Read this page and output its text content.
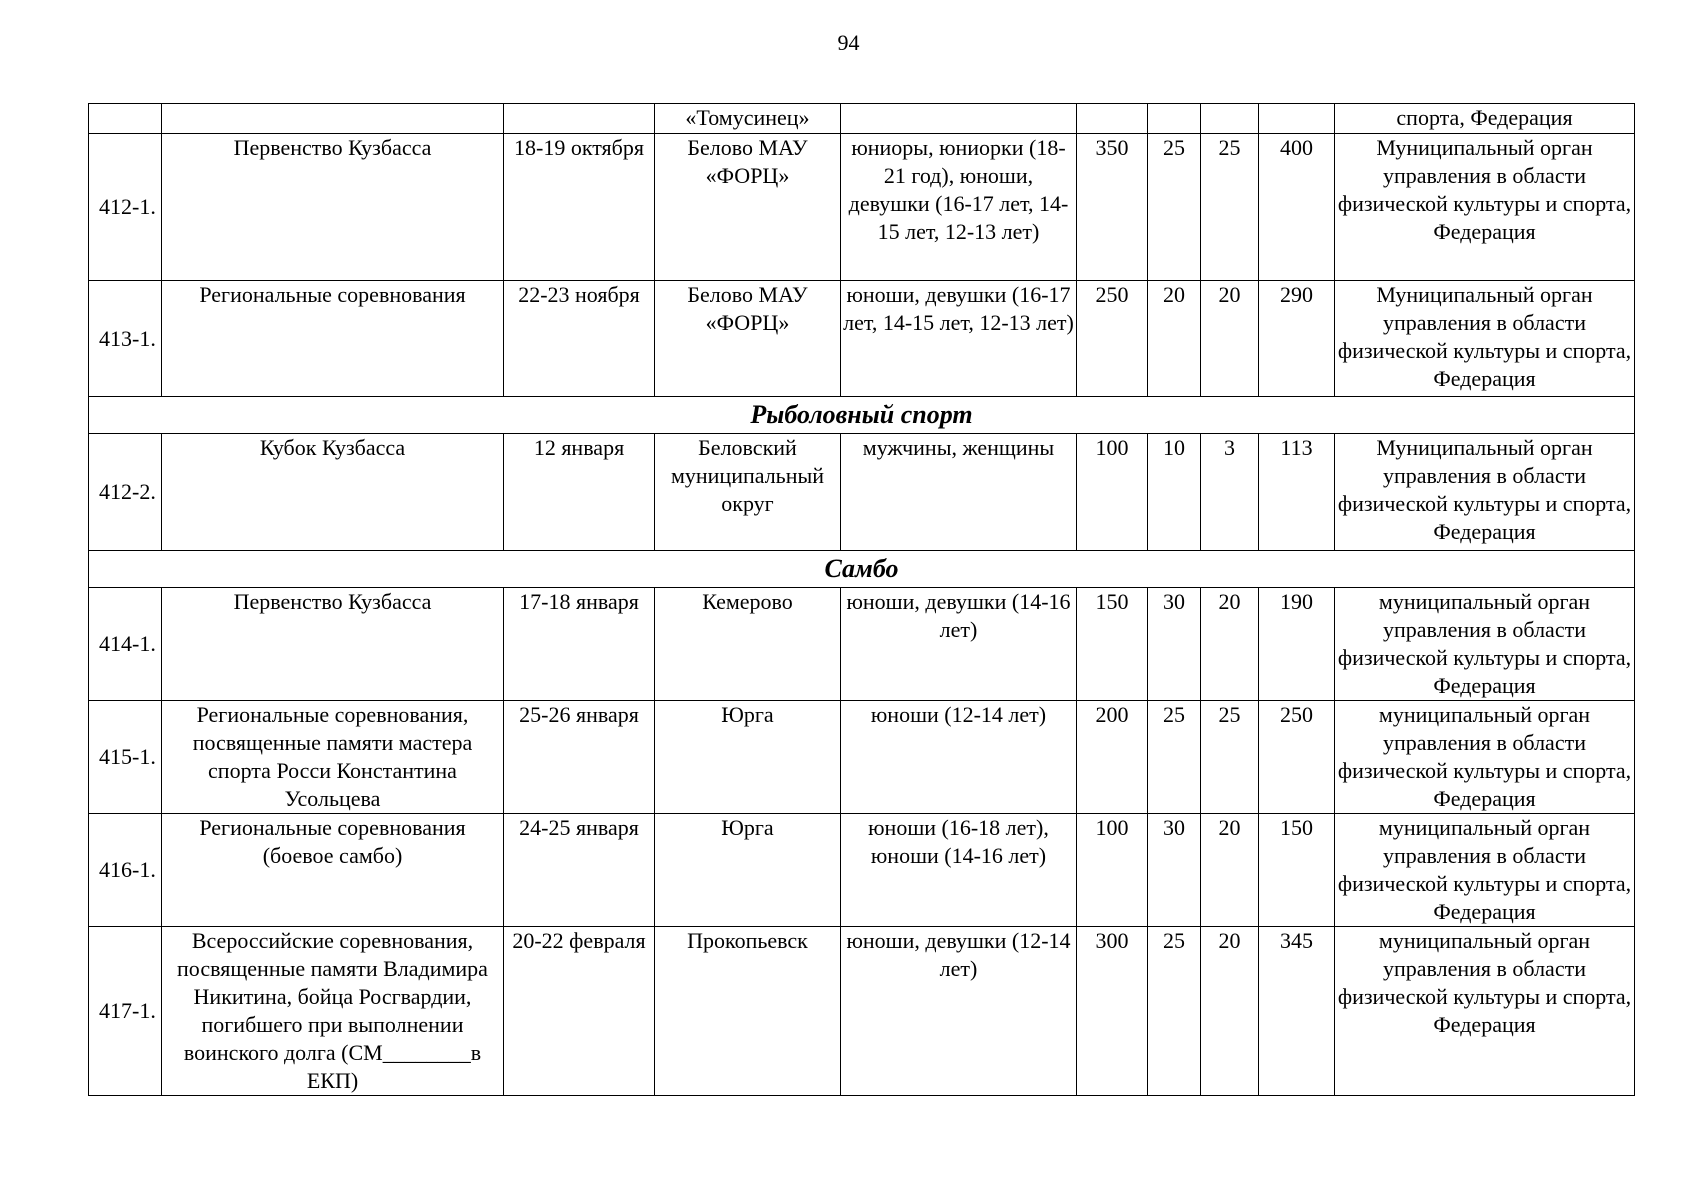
94
			«Томусинец»						спорта, Федерация
412-1.	Первенство Кузбасса	18-19 октября	Белово МАУ «ФОРЦ»	юниоры, юниорки (18-21 год), юноши, девушки (16-17 лет, 14-15 лет, 12-13 лет)	350	25	25	400	Муниципальный орган управления в области физической культуры и спорта, Федерация
413-1.	Региональные соревнования	22-23 ноября	Белово МАУ «ФОРЦ»	юноши, девушки (16-17 лет, 14-15 лет, 12-13 лет)	250	20	20	290	Муниципальный орган управления в области физической культуры и спорта, Федерация
Рыболовный спорт									
412-2.	Кубок Кузбасса	12 января	Беловский муниципальный округ	мужчины, женщины	100	10	3	113	Муниципальный орган управления в области физической культуры и спорта, Федерация
Самбо									
414-1.	Первенство Кузбасса	17-18 января	Кемерово	юноши, девушки (14-16 лет)	150	30	20	190	муниципальный орган управления в области физической культуры и спорта, Федерация
415-1.	Региональные соревнования, посвященные памяти мастера спорта Росси Константина Усольцева	25-26 января	Юрга	юноши (12-14 лет)	200	25	25	250	муниципальный орган управления в области физической культуры и спорта, Федерация
416-1.	Региональные соревнования (боевое самбо)	24-25 января	Юрга	юноши (16-18 лет), юноши (14-16 лет)	100	30	20	150	муниципальный орган управления в области физической культуры и спорта, Федерация
417-1.	Всероссийские соревнования, посвященные памяти Владимира Никитина, бойца Росгвардии, погибшего при выполнении воинского долга (СМ________в ЕКП)	20-22 февраля	Прокопьевск	юноши, девушки (12-14 лет)	300	25	20	345	муниципальный орган управления в области физической культуры и спорта, Федерация
